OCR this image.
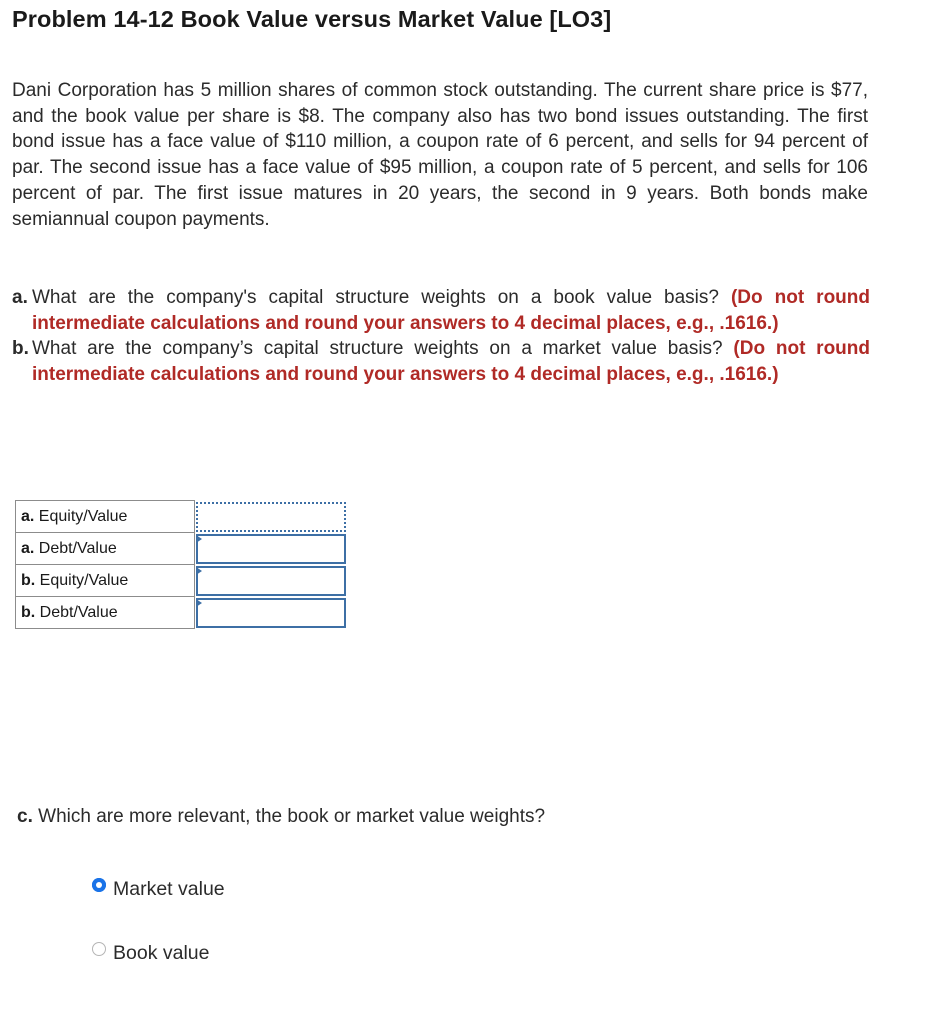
Problem 14-12 Book Value versus Market Value [LO3]
Dani Corporation has 5 million shares of common stock outstanding. The current share price is $77, and the book value per share is $8. The company also has two bond issues outstanding. The first bond issue has a face value of $110 million, a coupon rate of 6 percent, and sells for 94 percent of par. The second issue has a face value of $95 million, a coupon rate of 5 percent, and sells for 106 percent of par. The first issue matures in 20 years, the second in 9 years. Both bonds make semiannual coupon payments.
a. What are the company's capital structure weights on a book value basis? (Do not round intermediate calculations and round your answers to 4 decimal places, e.g., .1616.)
b. What are the company’s capital structure weights on a market value basis? (Do not round intermediate calculations and round your answers to 4 decimal places, e.g., .1616.)
a. Equity/Value	

a. Debt/Value	

b. Equity/Value	

b. Debt/Value	
c. Which are more relevant, the book or market value weights?
Market value
Book value
